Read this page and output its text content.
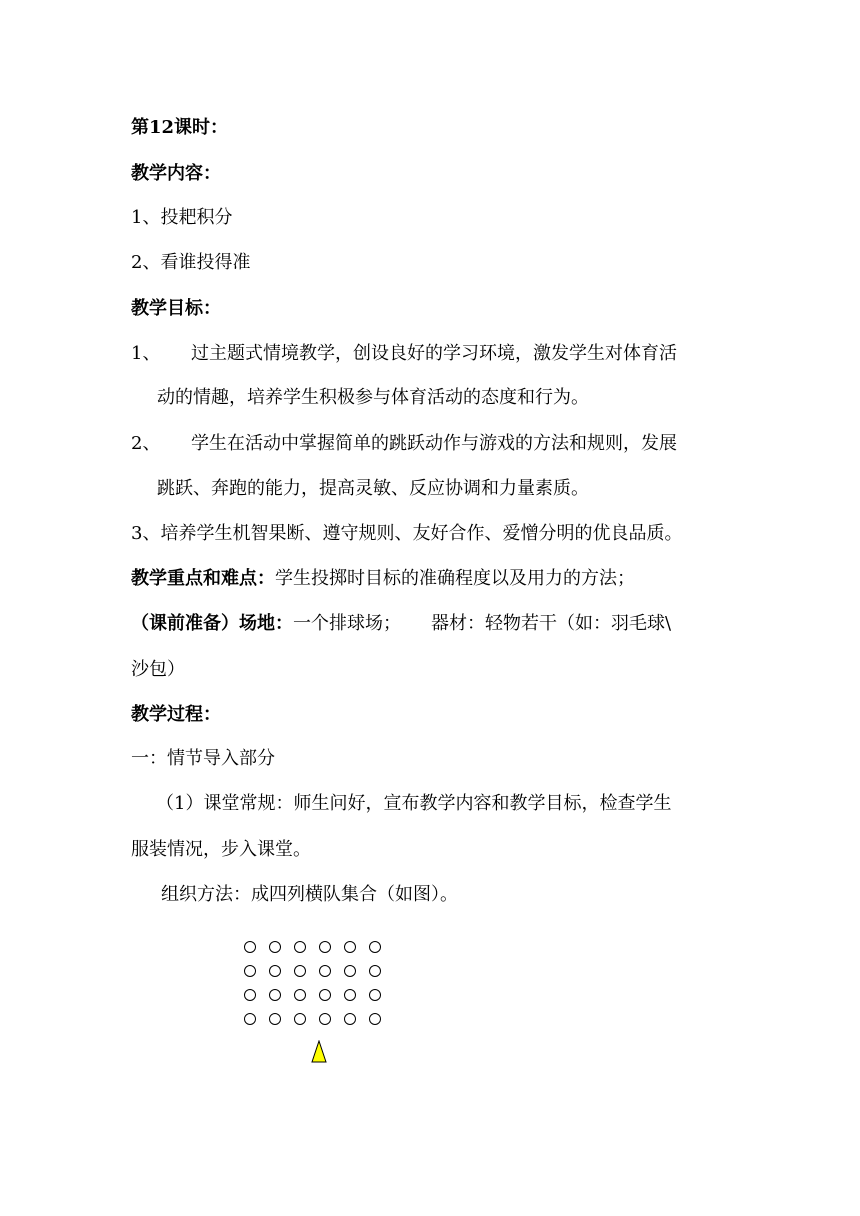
第12课时：
教学内容：
1、投耙积分
2、看谁投得准
教学目标：
1、 过主题式情境教学，创设良好的学习环境，激发学生对体育活
动的情趣，培养学生积极参与体育活动的态度和行为。
2、 学生在活动中掌握简单的跳跃动作与游戏的方法和规则，发展
跳跃、奔跑的能力，提高灵敏、反应协调和力量素质。
3、培养学生机智果断、遵守规则、友好合作、爱憎分明的优良品质。
教学重点和难点：学生投掷时目标的准确程度以及用力的方法；
（课前准备）场地：一个排球场； 器材：轻物若干（如：羽毛球\
沙包）
教学过程：
一：情节导入部分
（1）课堂常规：师生问好，宣布教学内容和教学目标，检查学生
服装情况，步入课堂。
组织方法：成四列横队集合（如图）。
